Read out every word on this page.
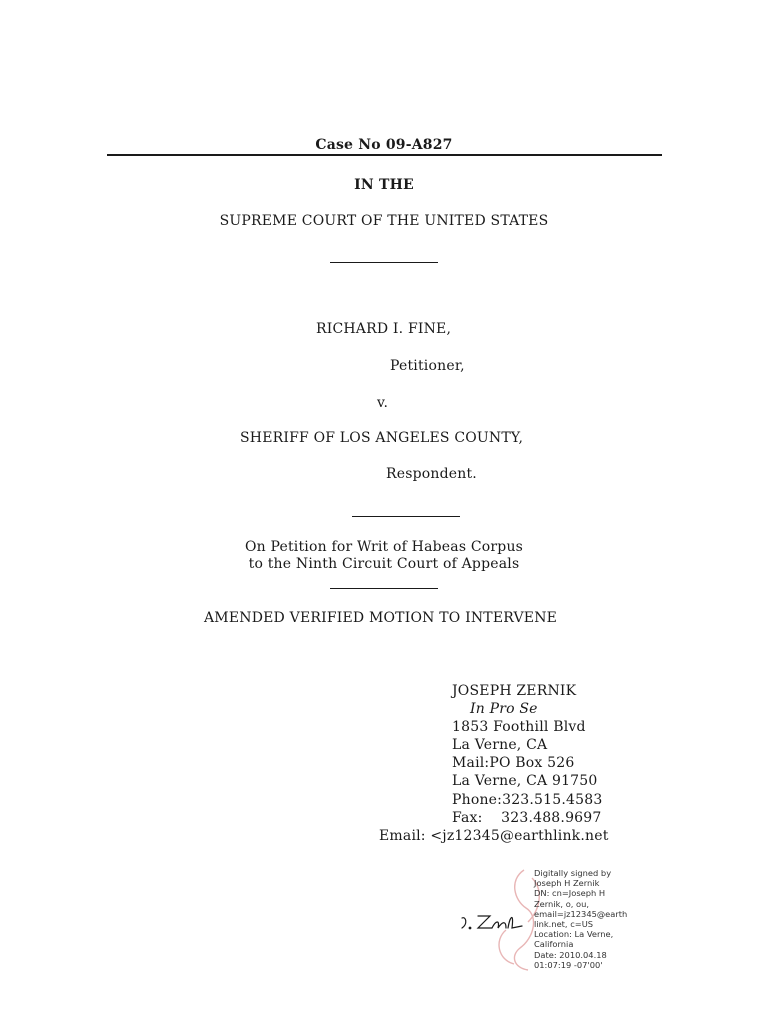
Case No 09-A827
IN THE
SUPREME COURT OF THE UNITED STATES
RICHARD I. FINE,
Petitioner,
v.
SHERIFF OF LOS ANGELES COUNTY,
Respondent.
On Petition for Writ of Habeas Corpus
to the Ninth Circuit Court of Appeals
AMENDED VERIFIED MOTION TO INTERVENE
JOSEPH ZERNIK
In Pro Se
1853 Foothill Blvd
La Verne, CA
Mail:PO Box 526
La Verne, CA 91750
Phone:323.515.4583
Fax:    323.488.9697
Email: <jz12345@earthlink.net
Digitally signed by
Joseph H Zernik
DN: cn=Joseph H
Zernik, o, ou,
email=jz12345@earth
link.net, c=US
Location: La Verne,
California
Date: 2010.04.18
01:07:19 -07'00'
